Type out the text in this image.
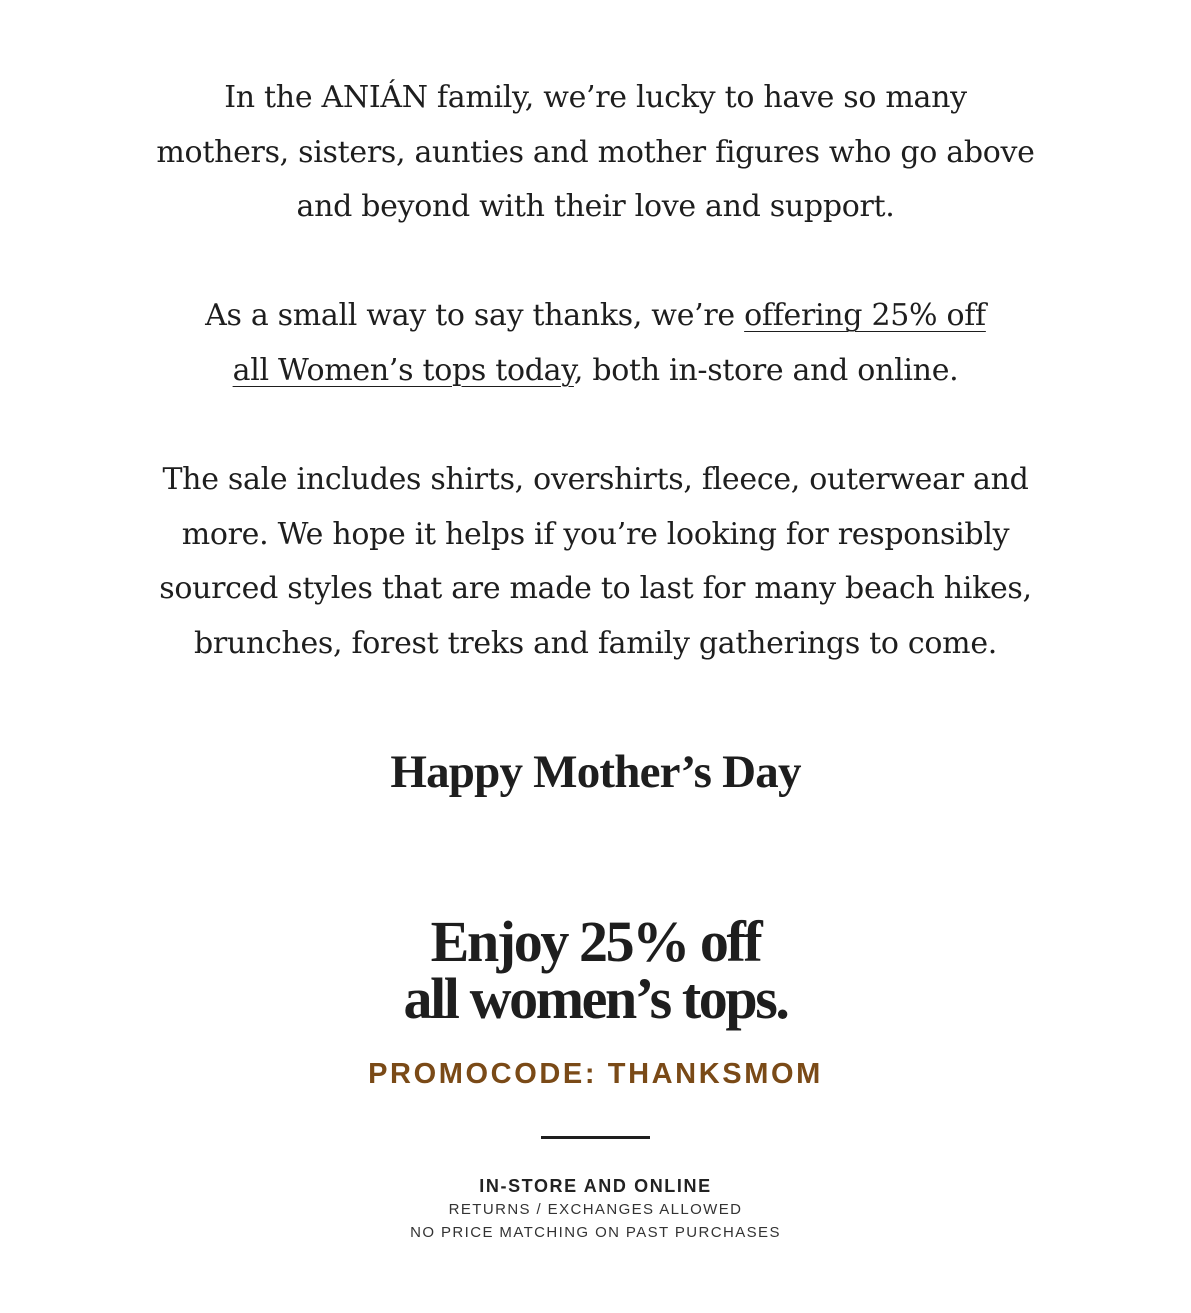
In the ANIÁN family, we’re lucky to have so many
mothers, sisters, aunties and mother figures who go above
and beyond with their love and support.

As a small way to say thanks, we’re offering 25% off
all Women’s tops today, both in-store and online.

The sale includes shirts, overshirts, fleece, outerwear and
more. We hope it helps if you’re looking for responsibly
sourced styles that are made to last for many beach hikes,
brunches, forest treks and family gatherings to come.

Happy Mother’s Day
Enjoy 25% off
all women’s tops.

PROMOCODE: THANKSMOM

IN-STORE AND ONLINE

RETURNS / EXCHANGES ALLOWED

NO PRICE MATCHING ON PAST PURCHASES
